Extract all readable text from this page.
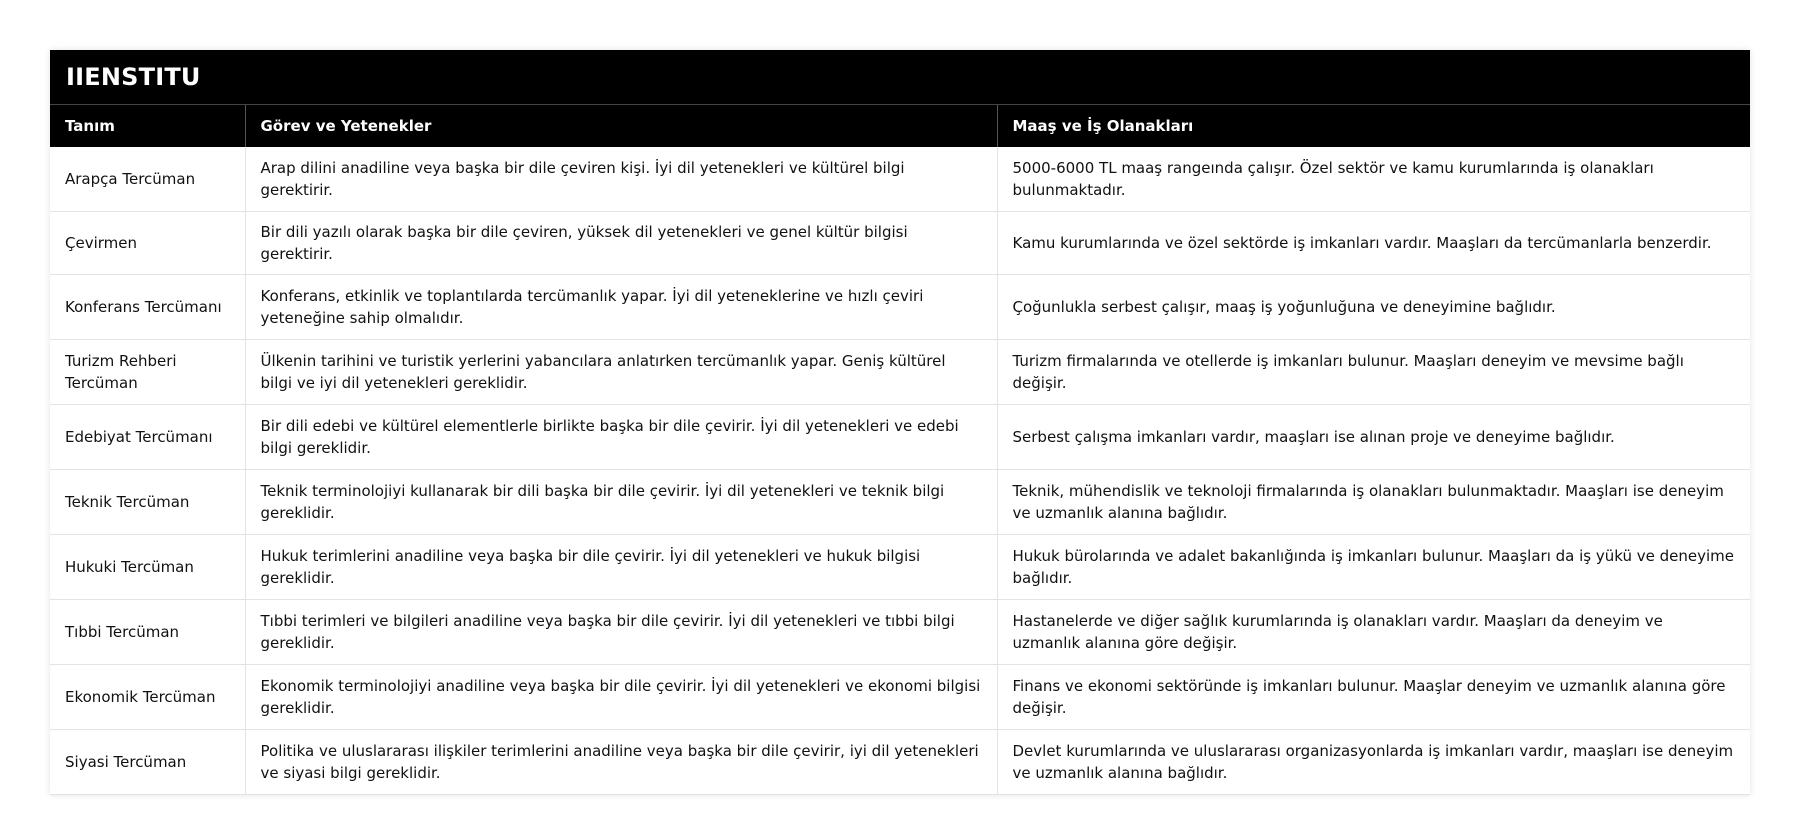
IIENSTITU
Tanım	Görev ve Yetenekler	Maaş ve İş Olanakları
Arapça Tercüman	Arap dilini anadiline veya başka bir dile çeviren kişi. İyi dil yetenekleri ve kültürel bilgi gerektirir.	5000-6000 TL maaş rangeında çalışır. Özel sektör ve kamu kurumlarında iş olanakları bulunmaktadır.
Çevirmen	Bir dili yazılı olarak başka bir dile çeviren, yüksek dil yetenekleri ve genel kültür bilgisi gerektirir.	Kamu kurumlarında ve özel sektörde iş imkanları vardır. Maaşları da tercümanlarla benzerdir.
Konferans Tercümanı	Konferans, etkinlik ve toplantılarda tercümanlık yapar. İyi dil yeteneklerine ve hızlı çeviri yeteneğine sahip olmalıdır.	Çoğunlukla serbest çalışır, maaş iş yoğunluğuna ve deneyimine bağlıdır.
Turizm Rehberi Tercüman	Ülkenin tarihini ve turistik yerlerini yabancılara anlatırken tercümanlık yapar. Geniş kültürel bilgi ve iyi dil yetenekleri gereklidir.	Turizm firmalarında ve otellerde iş imkanları bulunur. Maaşları deneyim ve mevsime bağlı değişir.
Edebiyat Tercümanı	Bir dili edebi ve kültürel elementlerle birlikte başka bir dile çevirir. İyi dil yetenekleri ve edebi bilgi gereklidir.	Serbest çalışma imkanları vardır, maaşları ise alınan proje ve deneyime bağlıdır.
Teknik Tercüman	Teknik terminolojiyi kullanarak bir dili başka bir dile çevirir. İyi dil yetenekleri ve teknik bilgi gereklidir.	Teknik, mühendislik ve teknoloji firmalarında iş olanakları bulunmaktadır. Maaşları ise deneyim ve uzmanlık alanına bağlıdır.
Hukuki Tercüman	Hukuk terimlerini anadiline veya başka bir dile çevirir. İyi dil yetenekleri ve hukuk bilgisi gereklidir.	Hukuk bürolarında ve adalet bakanlığında iş imkanları bulunur. Maaşları da iş yükü ve deneyime bağlıdır.
Tıbbi Tercüman	Tıbbi terimleri ve bilgileri anadiline veya başka bir dile çevirir. İyi dil yetenekleri ve tıbbi bilgi gereklidir.	Hastanelerde ve diğer sağlık kurumlarında iş olanakları vardır. Maaşları da deneyim ve uzmanlık alanına göre değişir.
Ekonomik Tercüman	Ekonomik terminolojiyi anadiline veya başka bir dile çevirir. İyi dil yetenekleri ve ekonomi bilgisi gereklidir.	Finans ve ekonomi sektöründe iş imkanları bulunur. Maaşlar deneyim ve uzmanlık alanına göre değişir.
Siyasi Tercüman	Politika ve uluslararası ilişkiler terimlerini anadiline veya başka bir dile çevirir, iyi dil yetenekleri ve siyasi bilgi gereklidir.	Devlet kurumlarında ve uluslararası organizasyonlarda iş imkanları vardır, maaşları ise deneyim ve uzmanlık alanına bağlıdır.
